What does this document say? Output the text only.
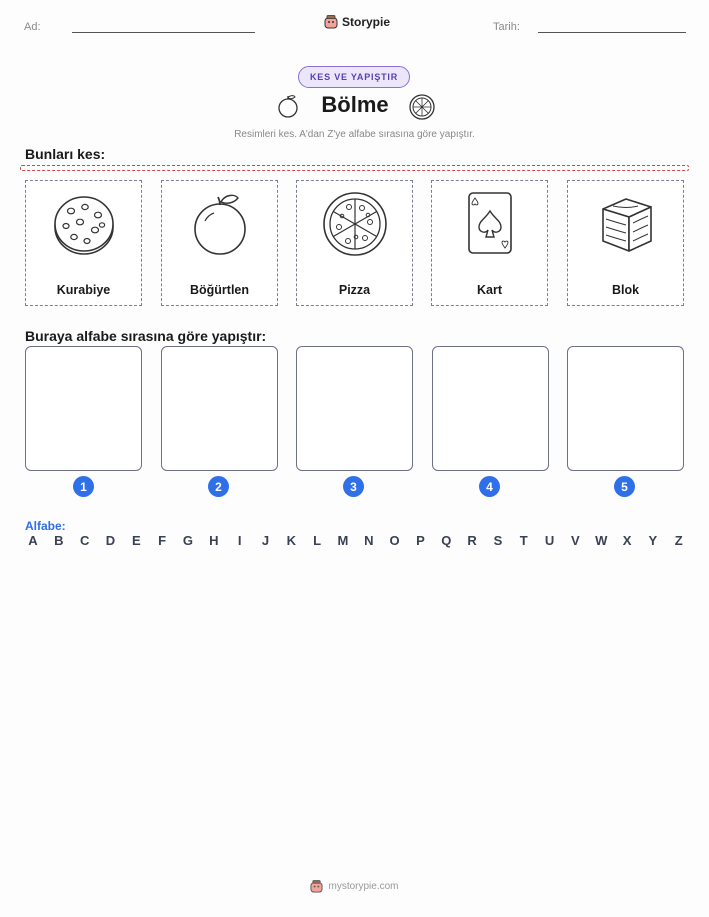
Ad:	Storypie	Tarih:
KES VE YAPIŞTIR
Bölme
Resimleri kes. A'dan Z'ye alfabe sırasına göre yapıştır.
Bunları kes:
Kurabiye	Böğürtlen	Pizza	Kart	Blok
Buraya alfabe sırasına göre yapıştır:
1	2	3	4	5
Alfabe:
A B C D E	F	G H	I	J	K	L	M N O P Q R S	T	U V W X Y	Z
mystorypie.com
